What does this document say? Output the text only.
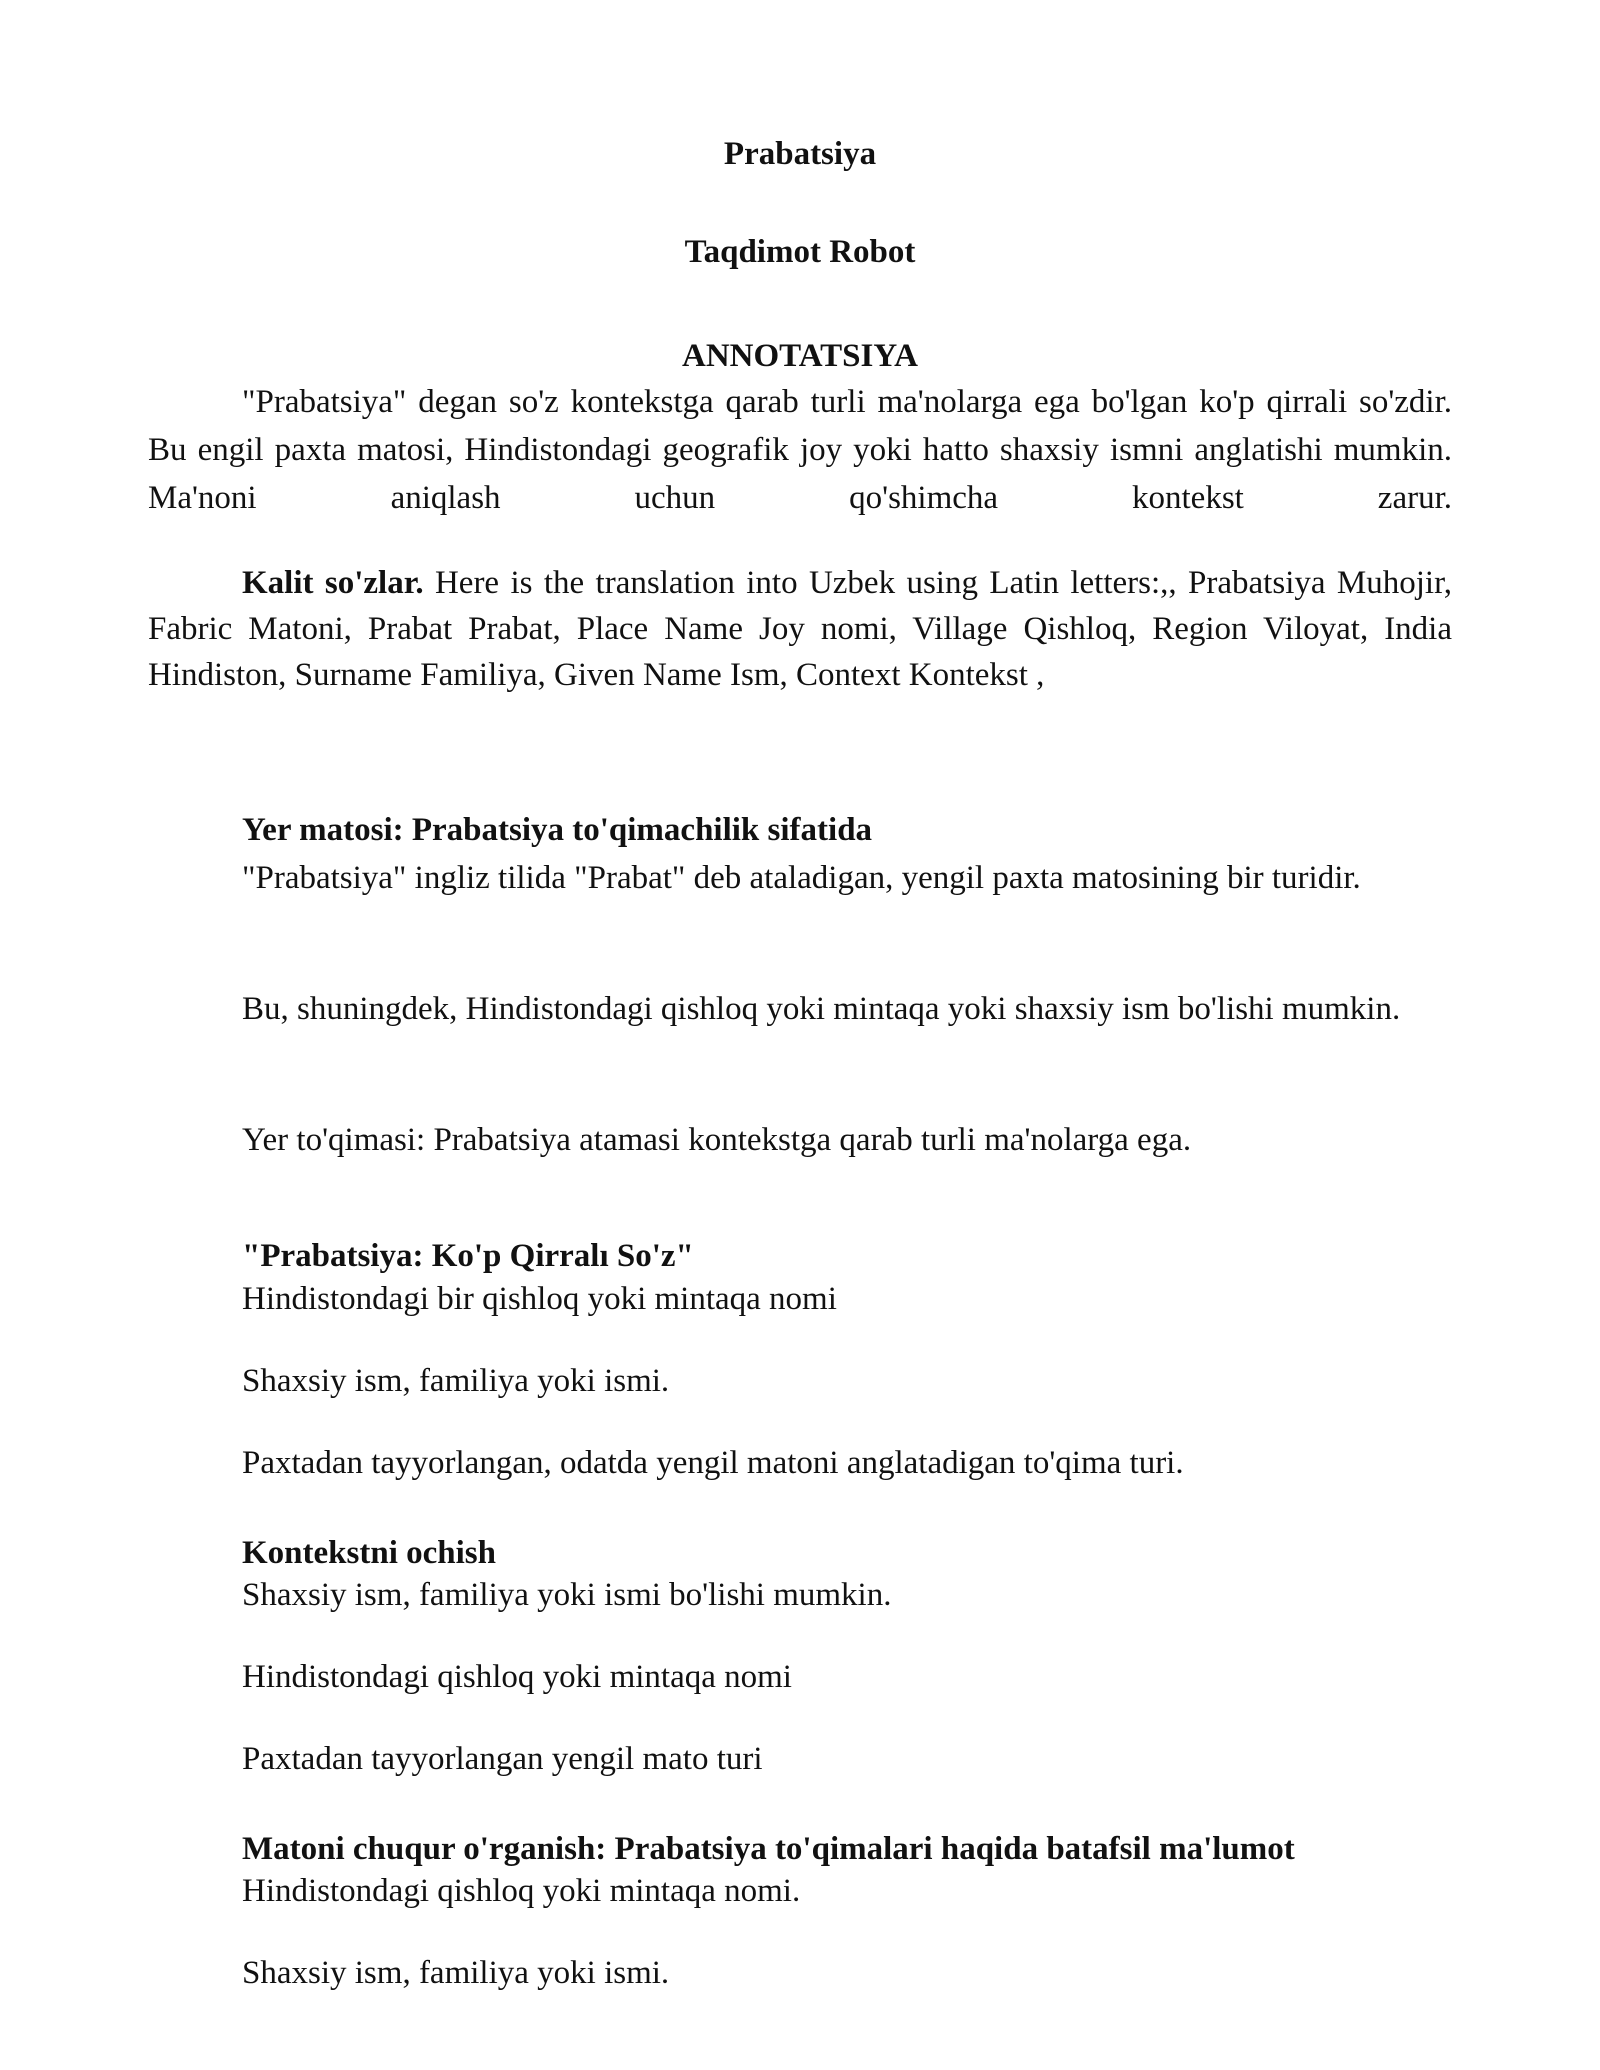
Prabatsiya
Taqdimot Robot
ANNOTATSIYA

"Prabatsiya" degan so'z kontekstga qarab turli ma'nolarga ega bo'lgan ko'p qirrali so'zdir. Bu engil paxta matosi, Hindistondagi geografik joy yoki hatto shaxsiy ismni anglatishi mumkin. Ma'noni aniqlash uchun qo'shimcha kontekst zarur.

Kalit so'zlar. Here is the translation into Uzbek using Latin letters:,, Prabatsiya Muhojir, Fabric Matoni, Prabat Prabat, Place Name Joy nomi, Village Qishloq, Region Viloyat, India Hindiston, Surname Familiya, Given Name Ism, Context Kontekst ,

Yer matosi: Prabatsiya to'qimachilik sifatida

"Prabatsiya" ingliz tilida "Prabat" deb ataladigan, yengil paxta matosining bir turidir.

Bu, shuningdek, Hindistondagi qishloq yoki mintaqa yoki shaxsiy ism bo'lishi mumkin.

Yer to'qimasi: Prabatsiya atamasi kontekstga qarab turli ma'nolarga ega.
"Prabatsiya: Ko'p Qirralı So'z"
Hindistondagi bir qishloq yoki mintaqa nomi
Shaxsiy ism, familiya yoki ismi.
Paxtadan tayyorlangan, odatda yengil matoni anglatadigan to'qima turi.
Kontekstni ochish
Shaxsiy ism, familiya yoki ismi bo'lishi mumkin.
Hindistondagi qishloq yoki mintaqa nomi
Paxtadan tayyorlangan yengil mato turi
Matoni chuqur o'rganish: Prabatsiya to'qimalari haqida batafsil ma'lumot
Hindistondagi qishloq yoki mintaqa nomi.
Shaxsiy ism, familiya yoki ismi.
